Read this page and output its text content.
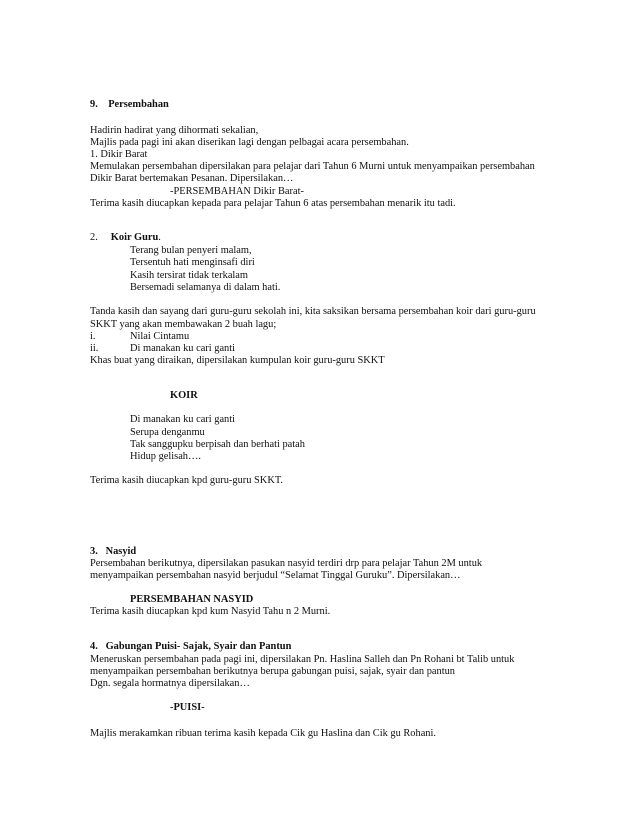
9. Persembahan
Hadirin hadirat yang dihormati sekalian,
Majlis pada pagi ini akan diserikan lagi dengan pelbagai acara persembahan.
1. Dikir Barat
Memulakan persembahan dipersilakan para pelajar dari Tahun 6 Murni untuk menyampaikan persembahan
Dikir Barat bertemakan Pesanan. Dipersilakan…
-PERSEMBAHAN Dikir Barat-
Terima kasih diucapkan kepada para pelajar Tahun 6 atas persembahan menarik itu tadi.
2. Koir Guru.
Terang bulan penyeri malam,
Tersentuh hati menginsafi diri
Kasih tersirat tidak terkalam
Bersemadi selamanya di dalam hati.
Tanda kasih dan sayang dari guru-guru sekolah ini, kita saksikan bersama persembahan koir dari guru-guru
SKKT yang akan membawakan 2 buah lagu;
i.	Nilai Cintamu
ii.	Di manakan ku cari ganti
Khas buat yang diraikan, dipersilakan kumpulan koir guru-guru SKKT
KOIR
Di manakan ku cari ganti
Serupa denganmu
Tak sanggupku berpisah dan berhati patah
Hidup gelisah….
Terima kasih diucapkan kpd guru-guru SKKT.
3. Nasyid
Persembahan berikutnya, dipersilakan pasukan nasyid terdiri drp para pelajar Tahun 2M untuk
menyampaikan persembahan nasyid berjudul “Selamat Tinggal Guruku”. Dipersilakan…
PERSEMBAHAN NASYID
Terima kasih diucapkan kpd kum Nasyid Tahu n 2 Murni.
4. Gabungan Puisi- Sajak, Syair dan Pantun
Meneruskan persembahan pada pagi ini, dipersilakan Pn. Haslina Salleh dan Pn Rohani bt Talib untuk
menyampaikan persembahan berikutnya berupa gabungan puisi, sajak, syair dan pantun
Dgn. segala hormatnya dipersilakan…
-PUISI-
Majlis merakamkan ribuan terima kasih kepada Cik gu Haslina dan Cik gu Rohani.
